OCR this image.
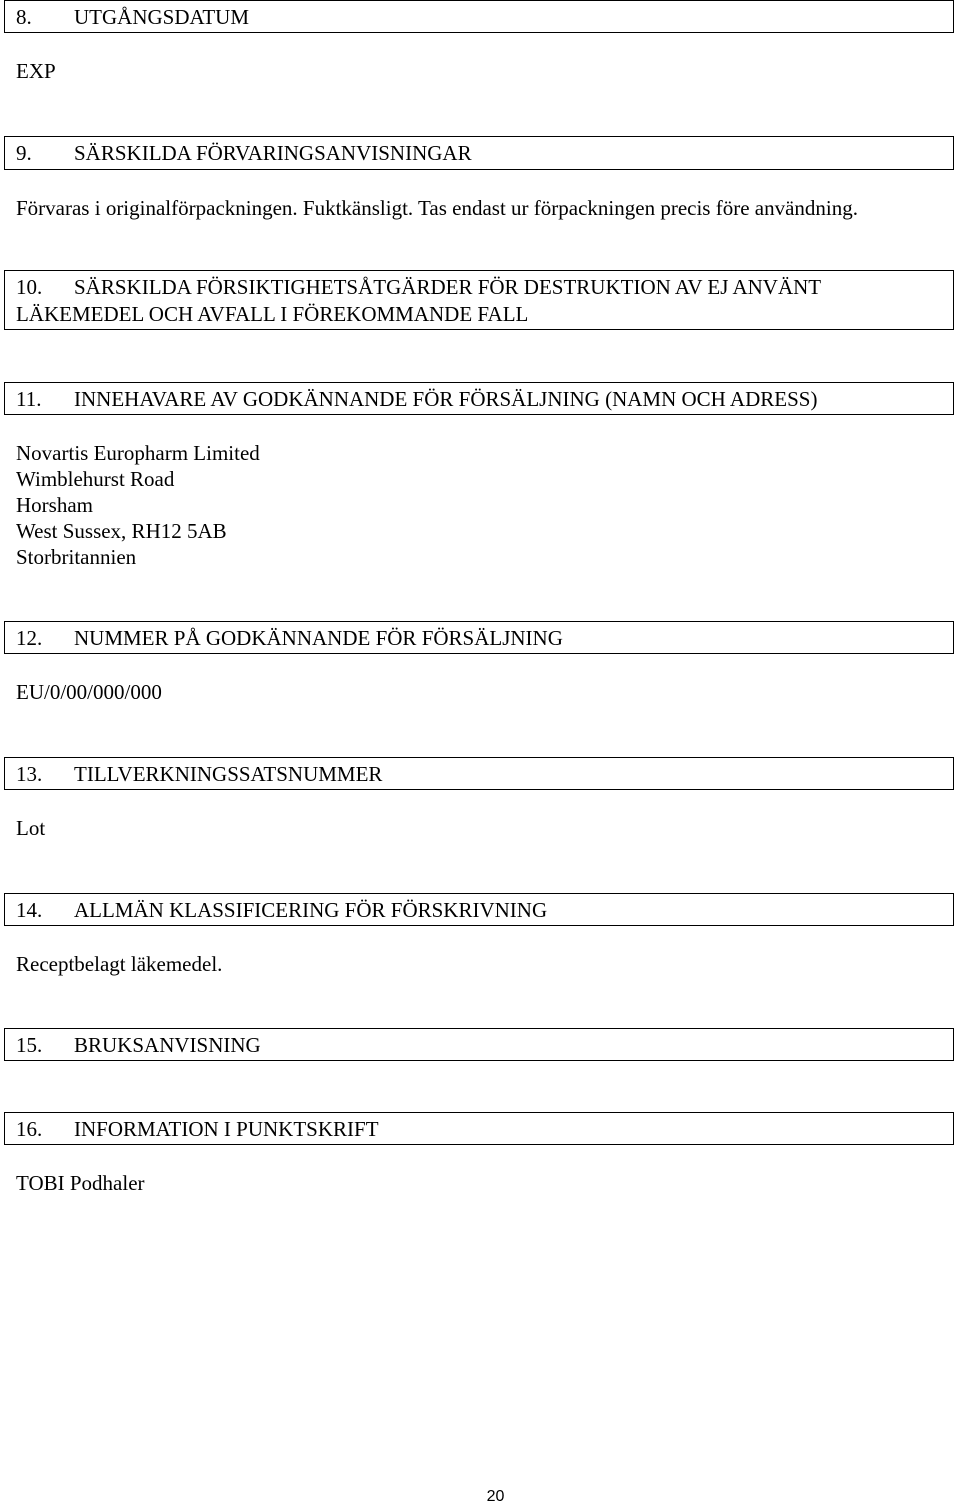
8.	UTGÅNGSDATUM
EXP
9.	SÄRSKILDA FÖRVARINGSANVISNINGAR
Förvaras i originalförpackningen. Fuktkänsligt. Tas endast ur förpackningen precis före användning.
10.	SÄRSKILDA FÖRSIKTIGHETSÅTGÄRDER FÖR DESTRUKTION AV EJ ANVÄNT
LÄKEMEDEL OCH AVFALL I FÖREKOMMANDE FALL
11.	INNEHAVARE AV GODKÄNNANDE FÖR FÖRSÄLJNING (NAMN OCH ADRESS)
Novartis Europharm Limited
Wimblehurst Road
Horsham
West Sussex, RH12 5AB
Storbritannien
12.	NUMMER PÅ GODKÄNNANDE FÖR FÖRSÄLJNING
EU/0/00/000/000
13.	TILLVERKNINGSSATSNUMMER
Lot
14.	ALLMÄN KLASSIFICERING FÖR FÖRSKRIVNING
Receptbelagt läkemedel.
15.	BRUKSANVISNING
16.	INFORMATION I PUNKTSKRIFT
TOBI Podhaler
20
